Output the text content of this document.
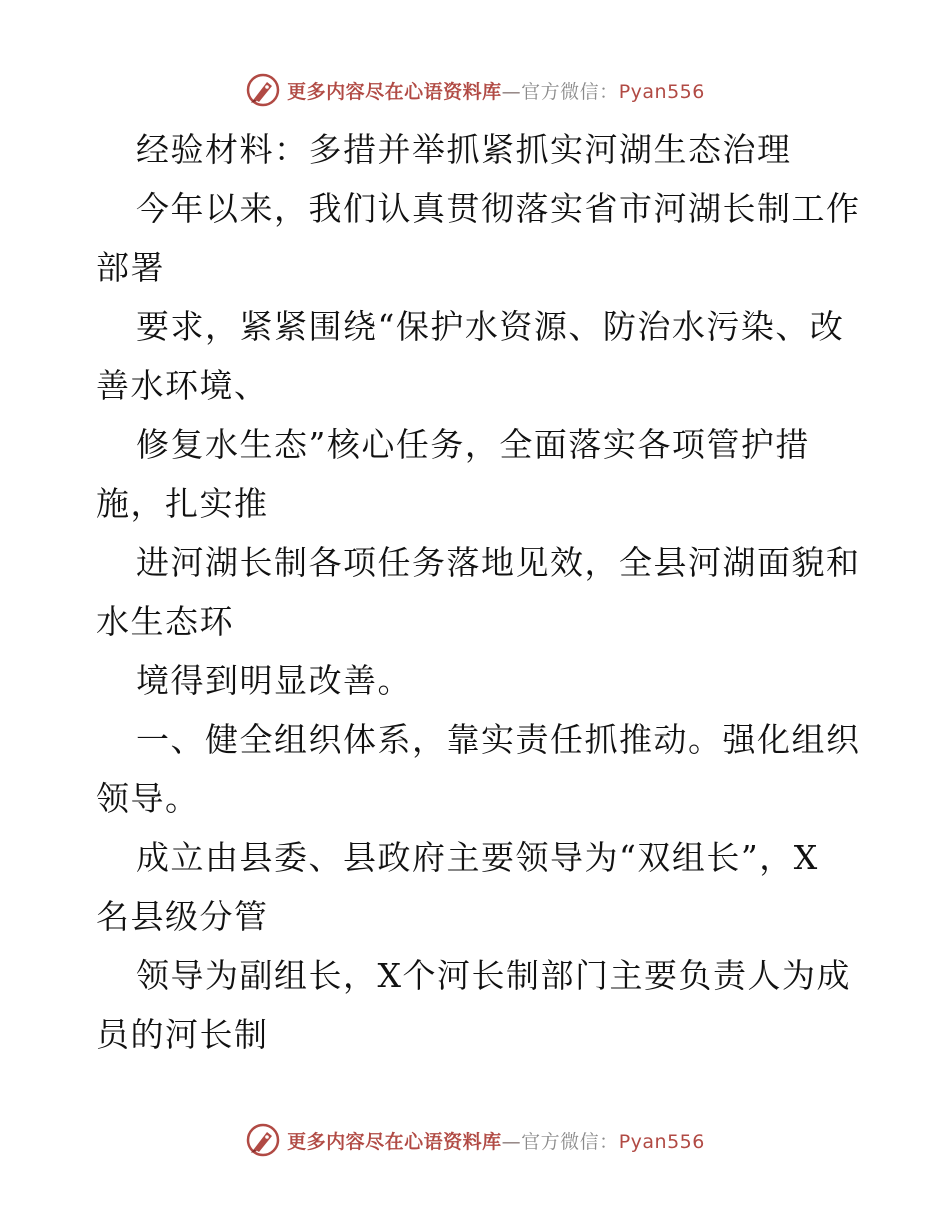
更多内容尽在心语资料库—官方微信：Pyan556
经验材料：多措并举抓紧抓实河湖生态治理
今年以来，我们认真贯彻落实省市河湖长制工作
部署
要求，紧紧围绕“保护水资源、防治水污染、改
善水环境、
修复水生态”核心任务，全面落实各项管护措
施，扎实推
进河湖长制各项任务落地见效，全县河湖面貌和
水生态环
境得到明显改善。
一、健全组织体系，靠实责任抓推动。强化组织
领导。
成立由县委、县政府主要领导为“双组长”，X
名县级分管
领导为副组长，X个河长制部门主要负责人为成
员的河长制
更多内容尽在心语资料库—官方微信：Pyan556
